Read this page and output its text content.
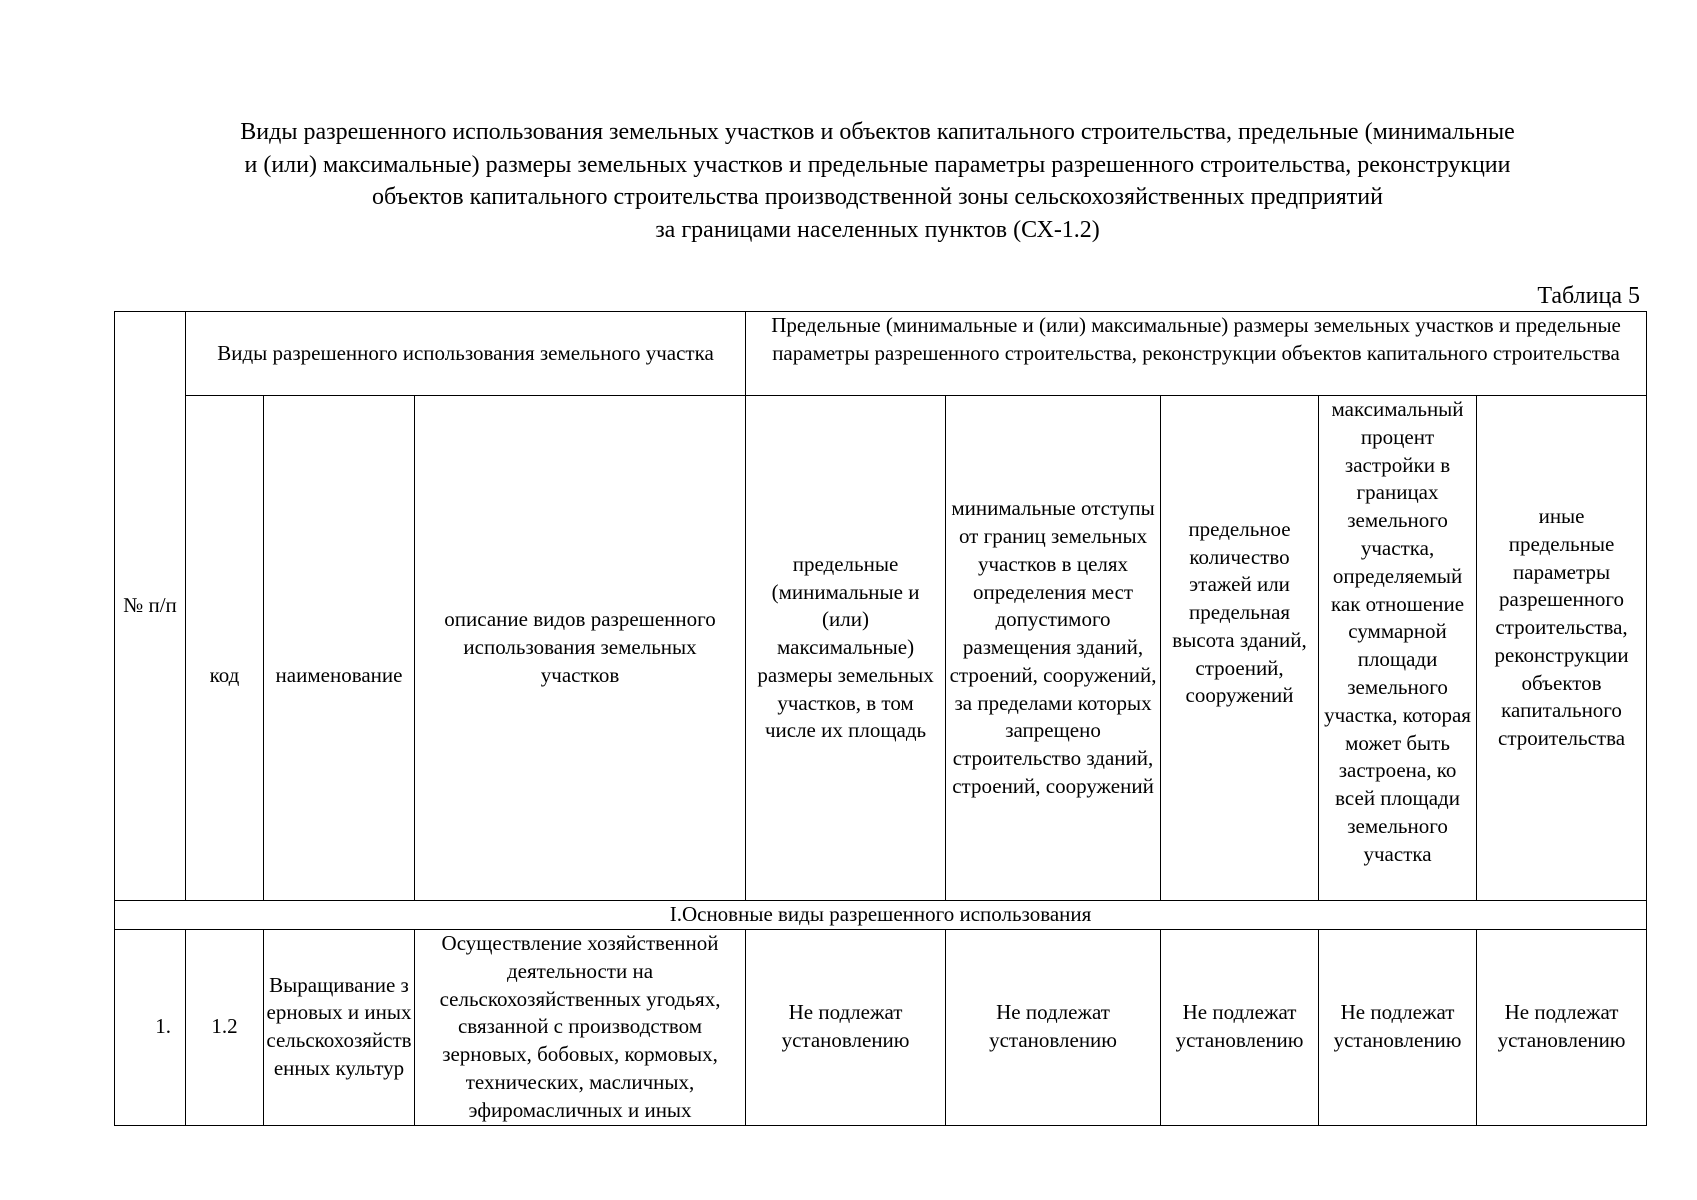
Виды разрешенного использования земельных участков и объектов капитального строительства, предельные (минимальные
и (или) максимальные) размеры земельных участков и предельные параметры разрешенного строительства, реконструкции
объектов капитального строительства производственной зоны сельскохозяйственных предприятий
за границами населенных пунктов (СХ-1.2)
Таблица 5
№ п/п	Виды разрешенного использования земельного участка			Предельные (минимальные и (или) максимальные) размеры земельных участков и предельные параметры разрешенного строительства, реконструкции объектов капитального строительства				

	код	наименование	описание видов разрешенного использования земельных участков	предельные (минимальные и (или) максимальные) размеры земельных участков, в том числе их площадь	минимальные отступы от границ земельных участков в целях определения мест допустимого размещения зданий, строений, сооружений, за пределами которых запрещено строительство зданий, строений, сооружений	предельное количество этажей или предельная высота зданий, строений, сооружений	максимальный процент застройки в границах земельного участка, определяемый как отношение суммарной площади земельного участка, которая может быть застроена, ко всей площади земельного участка	иные предельные параметры разрешенного строительства, реконструкции объектов капитального строительства

I.Основные виды разрешенного использования								
1.	1.2	Выращивание зерновых и иных сельскохозяйственных культур	Осуществление хозяйственной деятельности на сельскохозяйственных угодьях, связанной с производством зерновых, бобовых, кормовых, технических, масличных, эфиромасличных и иных	Не подлежат установлению	Не подлежат установлению	Не подлежат установлению	Не подлежат установлению	Не подлежат установлению
